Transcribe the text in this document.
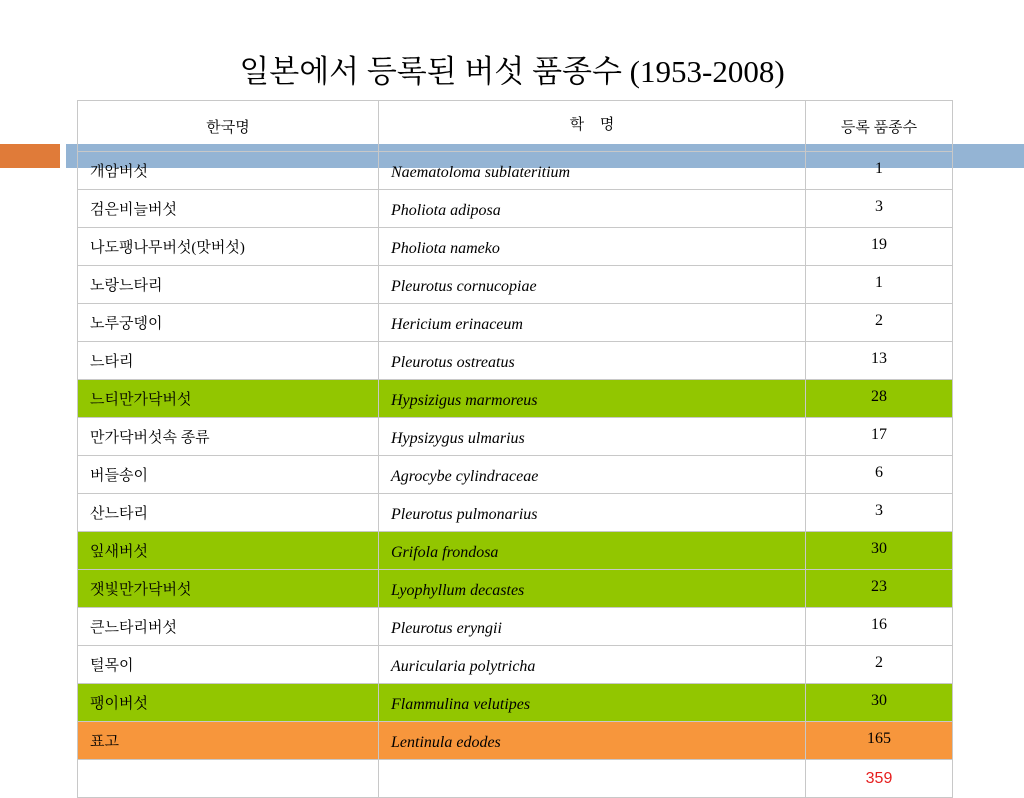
일본에서 등록된 버섯 품종수 (1953-2008)
한국명	학 명	등록 품종수
개암버섯	Naematoloma sublateritium	1
검은비늘버섯	Pholiota adiposa	3
나도팽나무버섯(맛버섯)	Pholiota nameko	19
노랑느타리	Pleurotus cornucopiae	1
노루궁뎅이	Hericium erinaceum	2
느타리	Pleurotus ostreatus	13
느티만가닥버섯	Hypsizigus marmoreus	28
만가닥버섯속 종류	Hypsizygus ulmarius	17
버들송이	Agrocybe cylindraceae	6
산느타리	Pleurotus pulmonarius	3
잎새버섯	Grifola frondosa	30
잿빛만가닥버섯	Lyophyllum decastes	23
큰느타리버섯	Pleurotus eryngii	16
털목이	Auricularia polytricha	2
팽이버섯	Flammulina velutipes	30
표고	Lentinula edodes	165
		359
